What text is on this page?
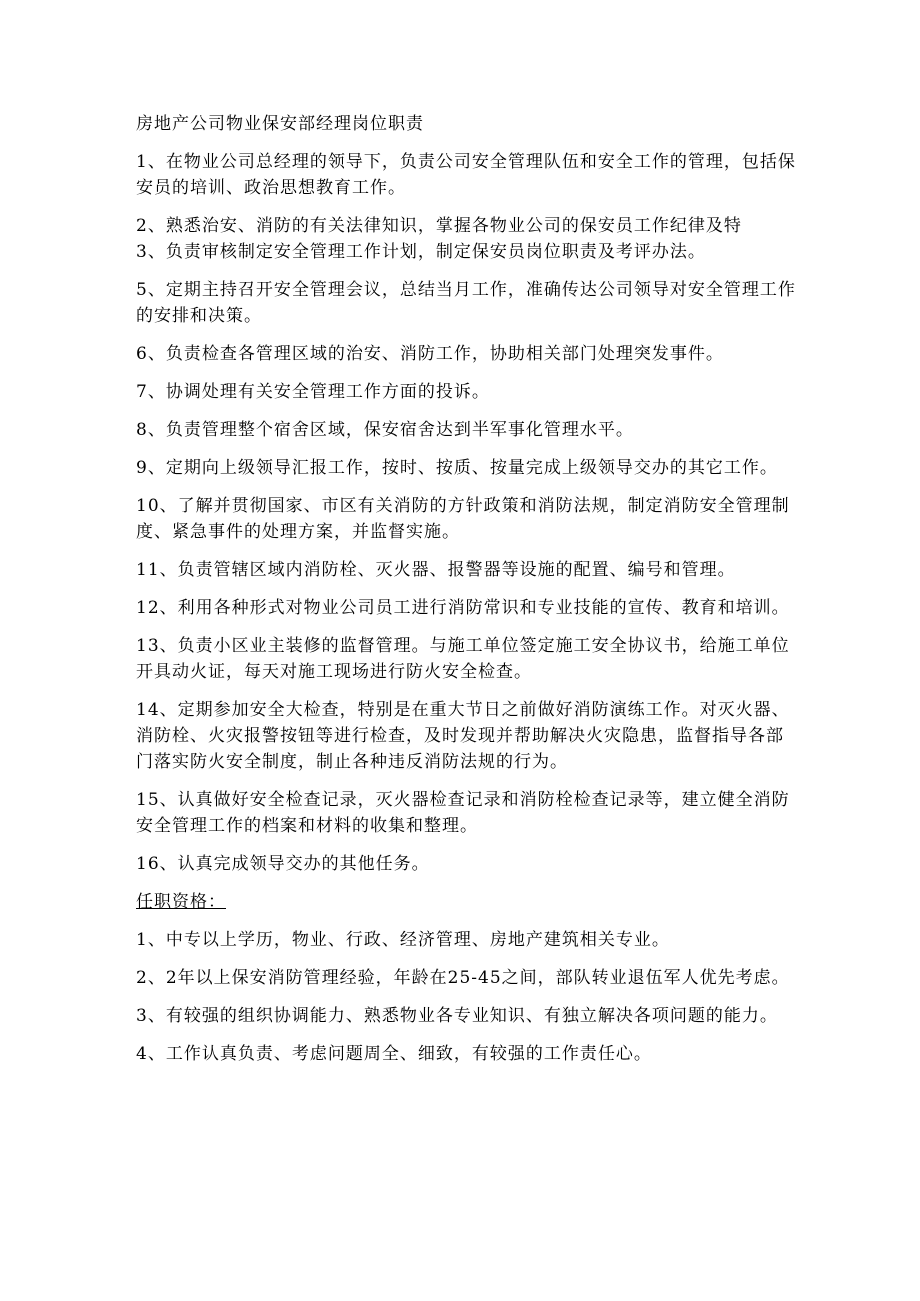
房地产公司物业保安部经理岗位职责

1、在物业公司总经理的领导下，负责公司安全管理队伍和安全工作的管理，包括保安员的培训、政治思想教育工作。

2、熟悉治安、消防的有关法律知识，掌握各物业公司的保安员工作纪律及特

3、负责审核制定安全管理工作计划，制定保安员岗位职责及考评办法。

5、定期主持召开安全管理会议，总结当月工作，准确传达公司领导对安全管理工作的安排和决策。

6、负责检查各管理区域的治安、消防工作，协助相关部门处理突发事件。

7、协调处理有关安全管理工作方面的投诉。

8、负责管理整个宿舍区域，保安宿舍达到半军事化管理水平。

9、定期向上级领导汇报工作，按时、按质、按量完成上级领导交办的其它工作。

10、了解并贯彻国家、市区有关消防的方针政策和消防法规，制定消防安全管理制度、紧急事件的处理方案，并监督实施。

11、负责管辖区域内消防栓、灭火器、报警器等设施的配置、编号和管理。

12、利用各种形式对物业公司员工进行消防常识和专业技能的宣传、教育和培训。

13、负责小区业主装修的监督管理。与施工单位签定施工安全协议书，给施工单位开具动火证，每天对施工现场进行防火安全检查。

14、定期参加安全大检查，特别是在重大节日之前做好消防演练工作。对灭火器、消防栓、火灾报警按钮等进行检查，及时发现并帮助解决火灾隐患，监督指导各部门落实防火安全制度，制止各种违反消防法规的行为。

15、认真做好安全检查记录，灭火器检查记录和消防栓检查记录等，建立健全消防安全管理工作的档案和材料的收集和整理。

16、认真完成领导交办的其他任务。

任职资格：

1、中专以上学历，物业、行政、经济管理、房地产建筑相关专业。

2、2年以上保安消防管理经验，年龄在25-45之间，部队转业退伍军人优先考虑。

3、有较强的组织协调能力、熟悉物业各专业知识、有独立解决各项问题的能力。

4、工作认真负责、考虑问题周全、细致，有较强的工作责任心。
